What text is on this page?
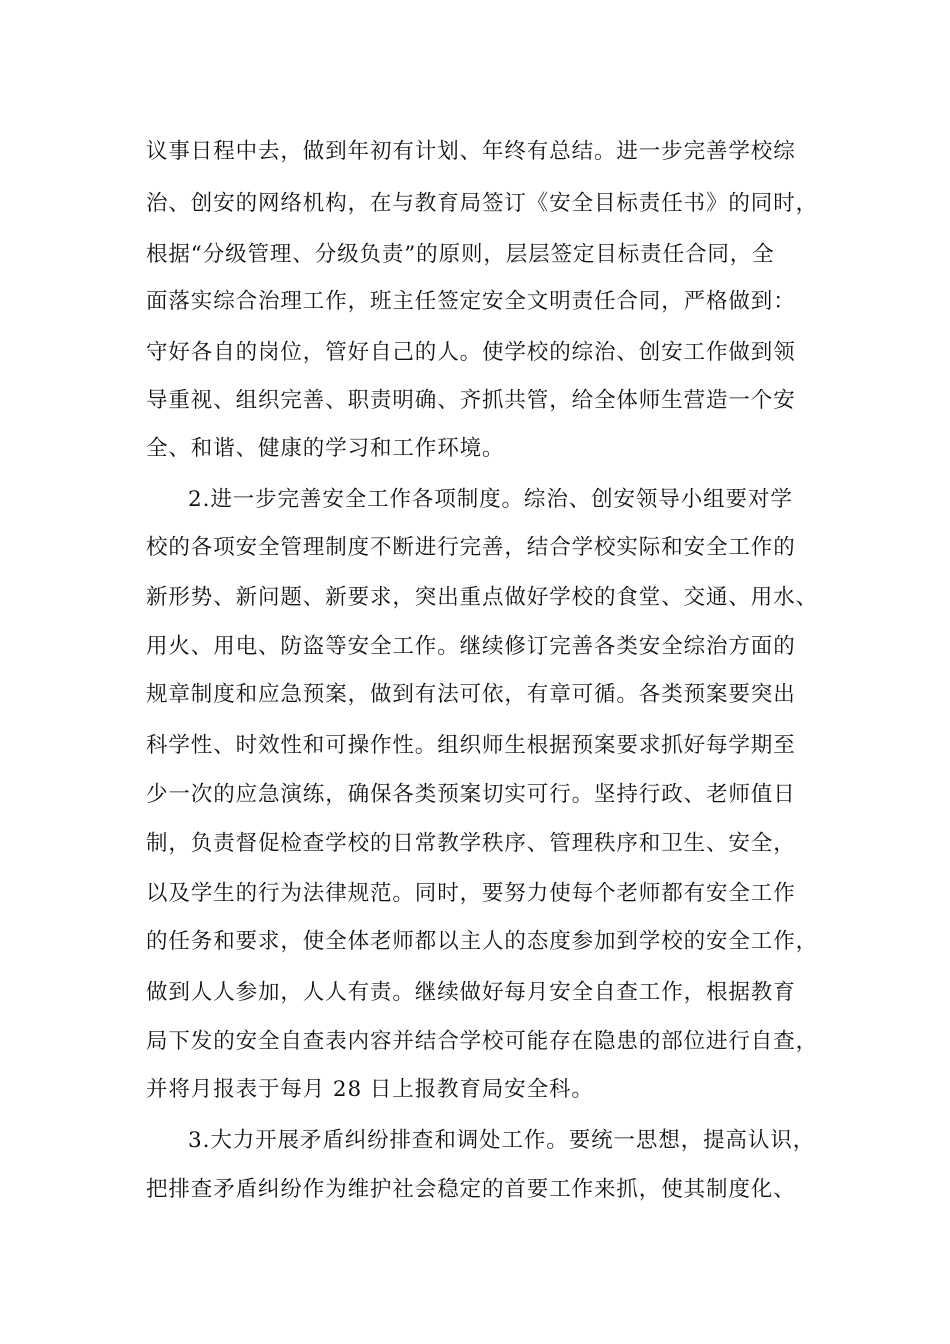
议事日程中去，做到年初有计划、年终有总结。进一步完善学校综
治、创安的网络机构，在与教育局签订《安全目标责任书》的同时，
根据“分级管理、分级负责”的原则，层层签定目标责任合同，全
面落实综合治理工作，班主任签定安全文明责任合同，严格做到：
守好各自的岗位，管好自己的人。使学校的综治、创安工作做到领
导重视、组织完善、职责明确、齐抓共管，给全体师生营造一个安
全、和谐、健康的学习和工作环境。
2.进一步完善安全工作各项制度。综治、创安领导小组要对学
校的各项安全管理制度不断进行完善，结合学校实际和安全工作的
新形势、新问题、新要求，突出重点做好学校的食堂、交通、用水、
用火、用电、防盗等安全工作。继续修订完善各类安全综治方面的
规章制度和应急预案，做到有法可依，有章可循。各类预案要突出
科学性、时效性和可操作性。组织师生根据预案要求抓好每学期至
少一次的应急演练，确保各类预案切实可行。坚持行政、老师值日
制，负责督促检查学校的日常教学秩序、管理秩序和卫生、安全，
以及学生的行为法律规范。同时，要努力使每个老师都有安全工作
的任务和要求，使全体老师都以主人的态度参加到学校的安全工作，
做到人人参加，人人有责。继续做好每月安全自查工作，根据教育
局下发的安全自查表内容并结合学校可能存在隐患的部位进行自查，
并将月报表于每月 28 日上报教育局安全科。
3.大力开展矛盾纠纷排查和调处工作。要统一思想，提高认识，
把排查矛盾纠纷作为维护社会稳定的首要工作来抓，使其制度化、
